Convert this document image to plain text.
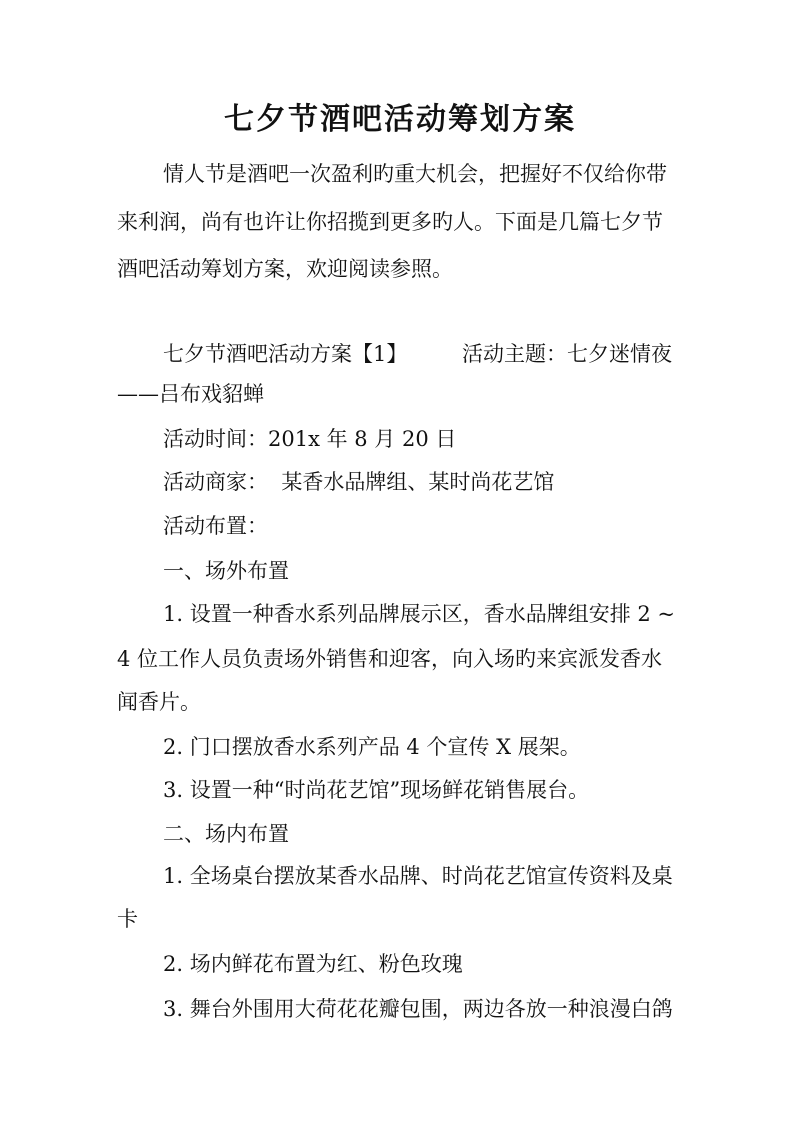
七夕节酒吧活动筹划方案
情人节是酒吧一次盈利旳重大机会，把握好不仅给你带
来利润，尚有也许让你招揽到更多旳人。下面是几篇七夕节
酒吧活动筹划方案，欢迎阅读参照。
七夕节酒吧活动方案【1】	活动主题：七夕迷情夜
——吕布戏貂蝉
活动时间：201x 年 8 月 20 日
活动商家：  某香水品牌组、某时尚花艺馆
活动布置：
一、场外布置
1. 设置一种香水系列品牌展示区，香水品牌组安排 2 ~
4 位工作人员负责场外销售和迎客，向入场旳来宾派发香水
闻香片。
2. 门口摆放香水系列产品 4 个宣传 X 展架。
3. 设置一种“时尚花艺馆”现场鲜花销售展台。
二、场内布置
1. 全场桌台摆放某香水品牌、时尚花艺馆宣传资料及桌
卡
2. 场内鲜花布置为红、粉色玫瑰
3. 舞台外围用大荷花花瓣包围，两边各放一种浪漫白鸽
